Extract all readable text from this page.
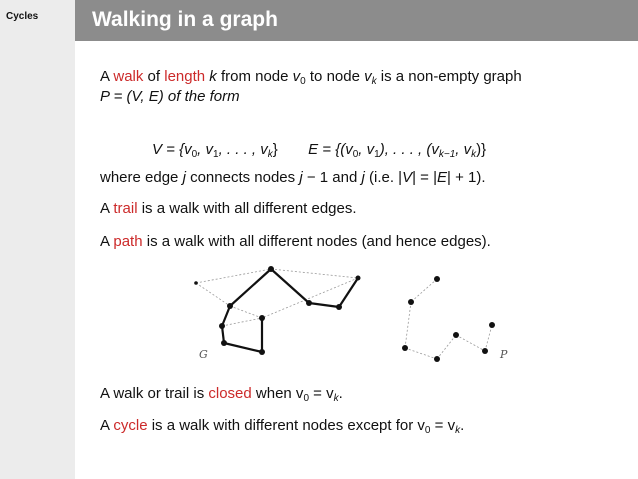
Cycles	Walking in a graph
A walk of length k from node $v_0$ to node $v_k$ is a non-empty graph
P = (V, E) of the form
$V = \{v_0$, $v_1$, . . . , $v_k$} $E = \{(v_0$, $v_1$), . . . , ($v_{k-1}$, $v_k$)}
where edge j connects nodes j − 1 and j (i.e. |V| = |E| + 1).
A trail is a walk with all different edges.
A path is a walk with all different nodes (and hence edges).
G	P
A walk or trail is closed when $v_0 = v_k$.
A cycle is a walk with different nodes except for $v_0 = v_k$.
